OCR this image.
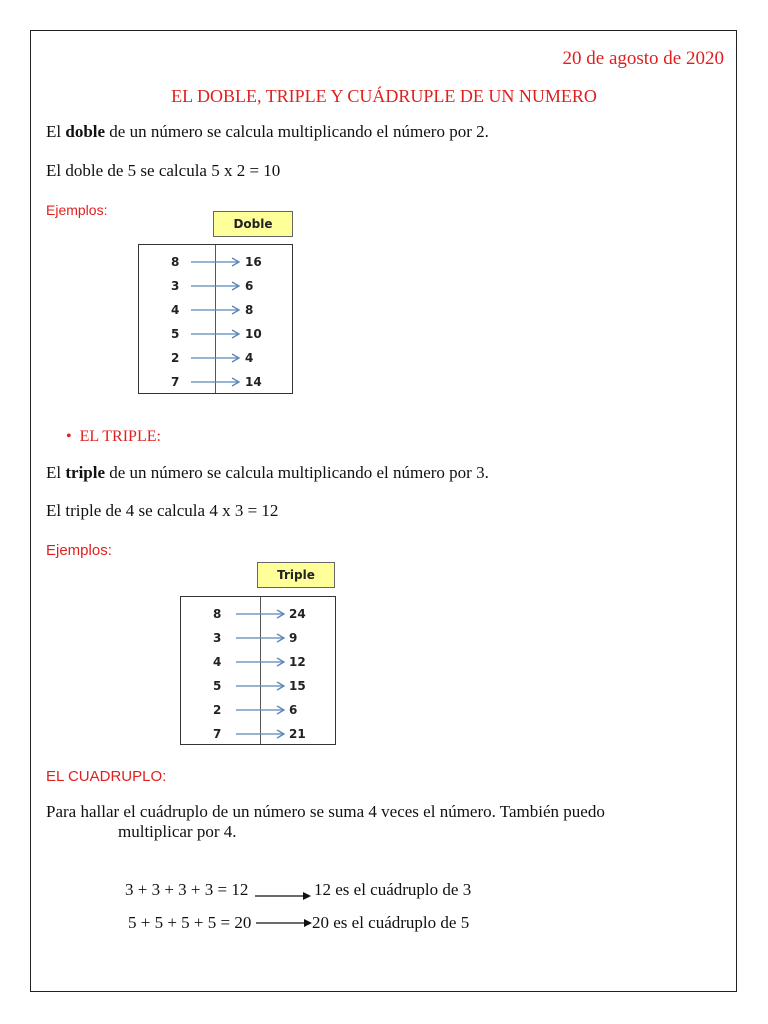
20 de agosto de 2020
EL DOBLE, TRIPLE Y CUÁDRUPLE DE UN NUMERO
El doble de un número se calcula multiplicando el número por 2.
El doble de 5 se calcula 5 x 2 = 10
Ejemplos:
Doble
8	16
3	6
4	8
5	10
2	4
7	14
•  EL TRIPLE:
El triple de un número se calcula multiplicando el número por 3.
El triple de 4 se calcula 4 x 3 = 12
Ejemplos:
Triple
8	24
3	9
4	12
5	15
2	6
7	21
EL CUADRUPLO:
Para hallar el cuádruplo de un número se suma 4 veces el número. También puedo
multiplicar por 4.
3 + 3 + 3 + 3 = 12	12 es el cuádruplo de 3
5 + 5 + 5 + 5 = 20	20 es el cuádruplo de 5
